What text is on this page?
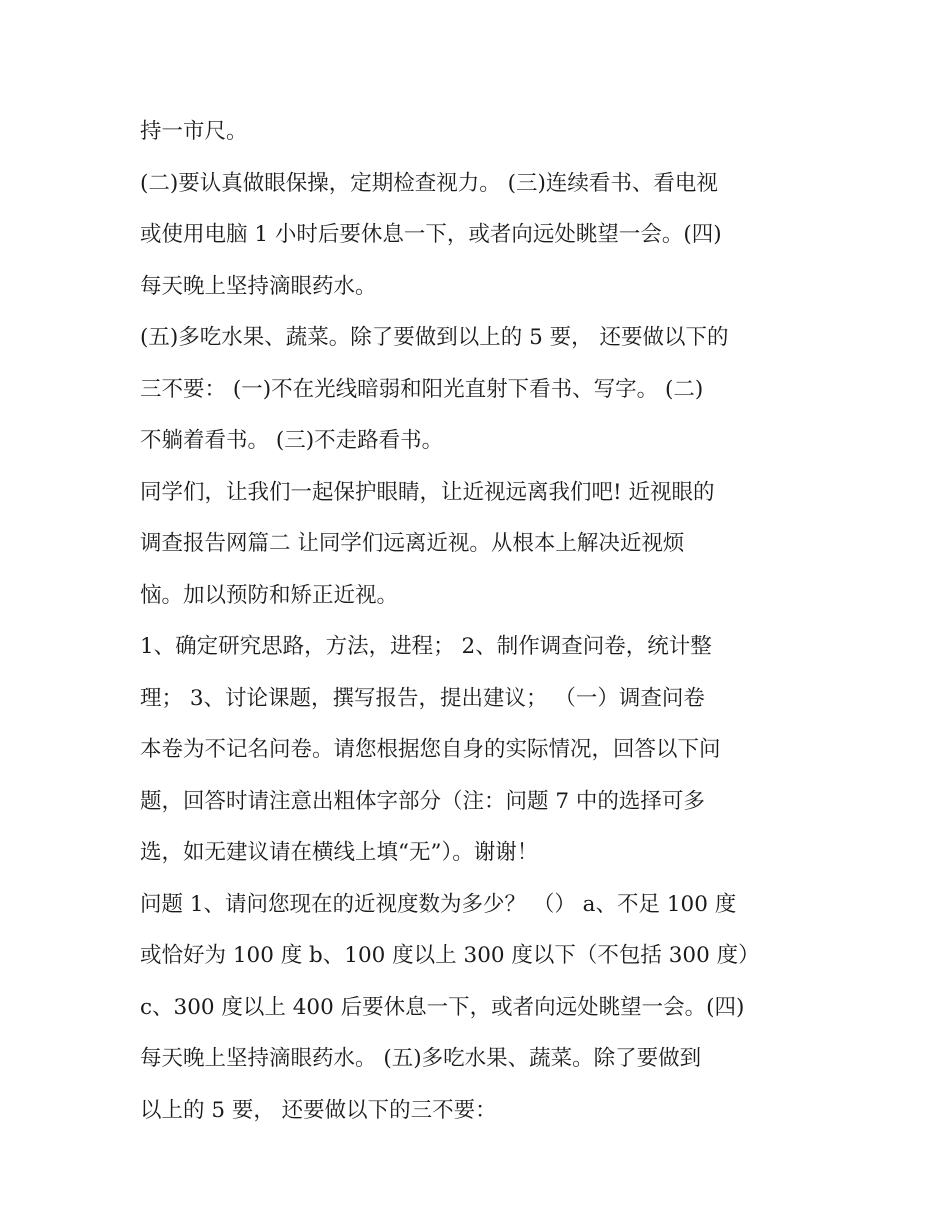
持一市尺。
(二)要认真做眼保操，定期检查视力。 (三)连续看书、看电视
或使用电脑 1 小时后要休息一下，或者向远处眺望一会。(四)
每天晚上坚持滴眼药水。
(五)多吃水果、蔬菜。除了要做到以上的 5 要， 还要做以下的
三不要： (一)不在光线暗弱和阳光直射下看书、写字。 (二)
不躺着看书。 (三)不走路看书。
同学们，让我们一起保护眼睛，让近视远离我们吧! 近视眼的
调查报告网篇二 让同学们远离近视。从根本上解决近视烦
恼。加以预防和矫正近视。
1、确定研究思路，方法，进程； 2、制作调查问卷，统计整
理； 3、讨论课题，撰写报告，提出建议； （一）调查问卷
本卷为不记名问卷。请您根据您自身的实际情况，回答以下问
题，回答时请注意出粗体字部分（注：问题 7 中的选择可多
选，如无建议请在横线上填“无”）。谢谢！
问题 1、请问您现在的近视度数为多少？ （） a、不足 100 度
或恰好为 100 度 b、100 度以上 300 度以下（不包括 300 度）
c、300 度以上 400 后要休息一下，或者向远处眺望一会。(四)
每天晚上坚持滴眼药水。 (五)多吃水果、蔬菜。除了要做到
以上的 5 要， 还要做以下的三不要：
